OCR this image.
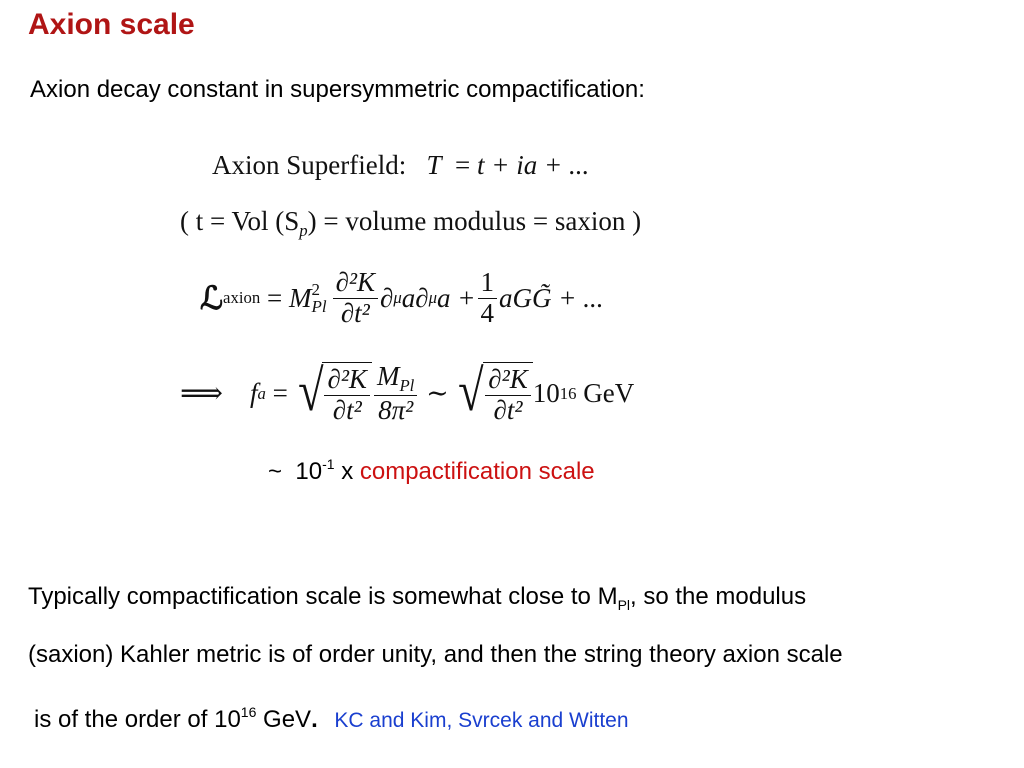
Axion scale
Axion decay constant in supersymmetric compactification:
Axion Superfield: T  = t + ia + ...
( t = Vol $(S_p)$ = volume modulus = saxion )
ℒ axion = M 2
Pl $\frac{\text{∂²K}}{\text{∂t²}}$ ∂ μ a∂ μ $a + \frac{1}{4}$ aGG̃ + ...
⟹
f a
=
√ $\frac{\text{∂²K}}{\text{∂t²}} \frac{M_{Pl}}{\text{8π²}}$
∼
√ $\frac{\text{∂²K}}{\text{∂t²}} 10$ 16
GeV
~ $10^{-1}$ x compactification scale
Typically compactification scale is somewhat close to $M_{Pl}$, so the modulus
(saxion) Kahler metric is of order unity, and then the string theory axion scale
is of the order of $10^{16}$ GeV. KC and Kim, Svrcek and Witten
